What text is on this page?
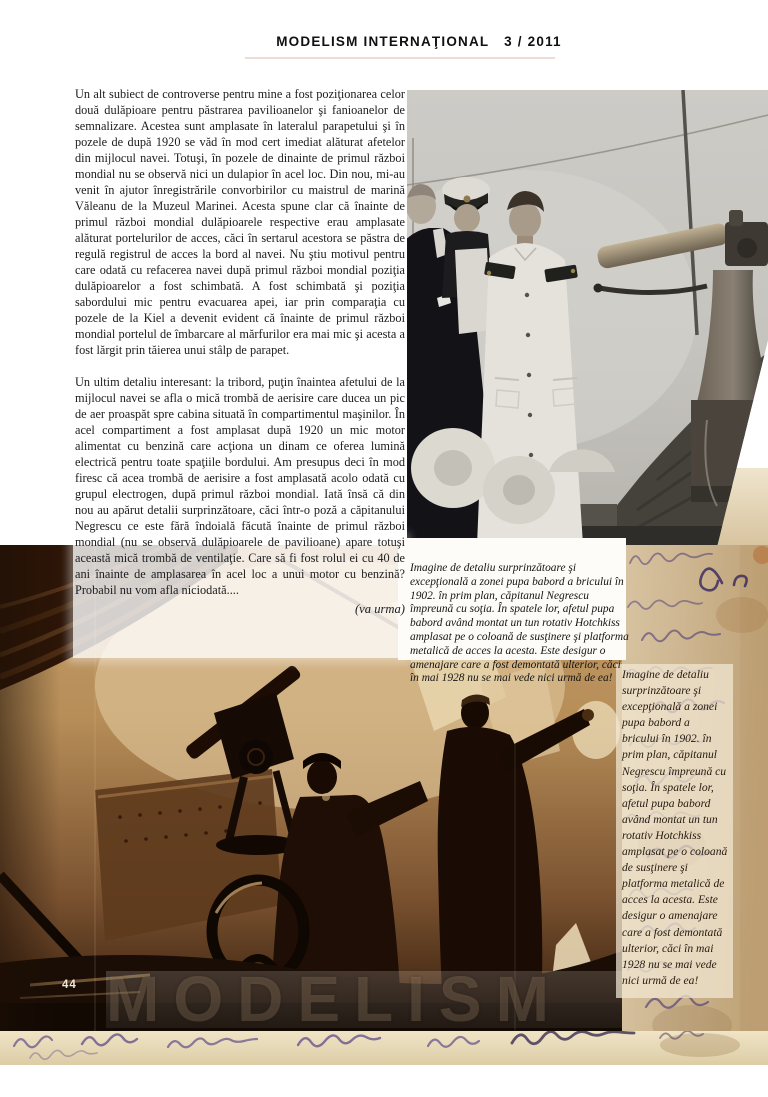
MODELISM INTERNAŢIONAL 3 / 2011

Un alt subiect de controverse pentru mine a fost poziţionarea celor două dulăpioare pentru păstrarea pavilioanelor şi fanioanelor de semnalizare. Acestea sunt amplasate în lateralul parapetului şi în pozele de după 1920 se văd în mod cert imediat alăturat afetelor din mijlocul navei. Totuşi, în pozele de dinainte de primul război mondial nu se observă nici un dulapior în acel loc. Din nou, mi-au venit în ajutor înregistrările convorbirilor cu maistrul de marină Văleanu de la Muzeul Marinei. Acesta spune clar că înainte de primul război mondial dulăpioarele respective erau amplasate alăturat portelurilor de acces, căci în sertarul acestora se păstra de regulă registrul de acces la bord al navei. Nu ştiu motivul pentru care odată cu refacerea navei după primul război mondial poziţia dulăpioarelor a fost schimbată. A fost schimbată şi poziţia sabordului mic pentru evacuarea apei, iar prin comparaţia cu pozele de la Kiel a devenit evident că înainte de primul război mondial portelul de îmbarcare al mărfurilor era mai mic şi acesta a fost lărgit prin tăierea unui stâlp de parapet.

Un ultim detaliu interesant: la tribord, puţin înaintea afetului de la mijlocul navei se afla o mică trombă de aerisire care ducea un pic de aer proaspăt spre cabina situată în compartimentul maşinilor. În acel compartiment a fost amplasat după 1920 un mic motor alimentat cu benzină care acţiona un dinam ce oferea lumină electrică pentru toate spaţiile bordului. Am presupus deci în mod firesc că acea trombă de aerisire a fost amplasată acolo odată cu grupul electrogen, după primul război mondial. Iată însă că din nou au apărut detalii surprinzătoare, căci într-o poză a căpitanului Negrescu ce este fără îndoială făcută înainte de primul război mondial (nu se observă dulăpioarele de pavilioane) apare totuşi această mică trombă de ventilaţie. Care să fi fost rolul ei cu 40 de ani înainte de amplasarea în acel loc a unui motor cu benzină? Probabil nu vom afla niciodată....

(va urma)

Imagine de detaliu surprinzătoare şi excepţională a zonei pupa babord a bricului în 1902. în prim plan, căpitanul Negrescu împreună cu soţia. În spatele lor, afetul pupa babord având montat un tun rotativ Hotchkiss amplasat pe o coloană de susţinere şi platforma metalică de acces la acesta. Este desigur o amenajare care a fost demontată ulterior, căci în mai 1928 nu se mai vede nici urmă de ea! Imagine de detaliu surprinzătoare şi excepţională a zonei pupa babord a bricului în 1902. în prim plan, căpitanul Negrescu împreună cu soţia. În spatele lor, afetul pupa babord având montat un tun rotativ Hotchkiss amplasat pe o coloană de susţinere şi platforma metalică de acces la acesta. Este desigur o amenajare care a fost demontată ulterior, căci în mai 1928 nu se mai vede nici urmă de ea!
MODELISM
44
